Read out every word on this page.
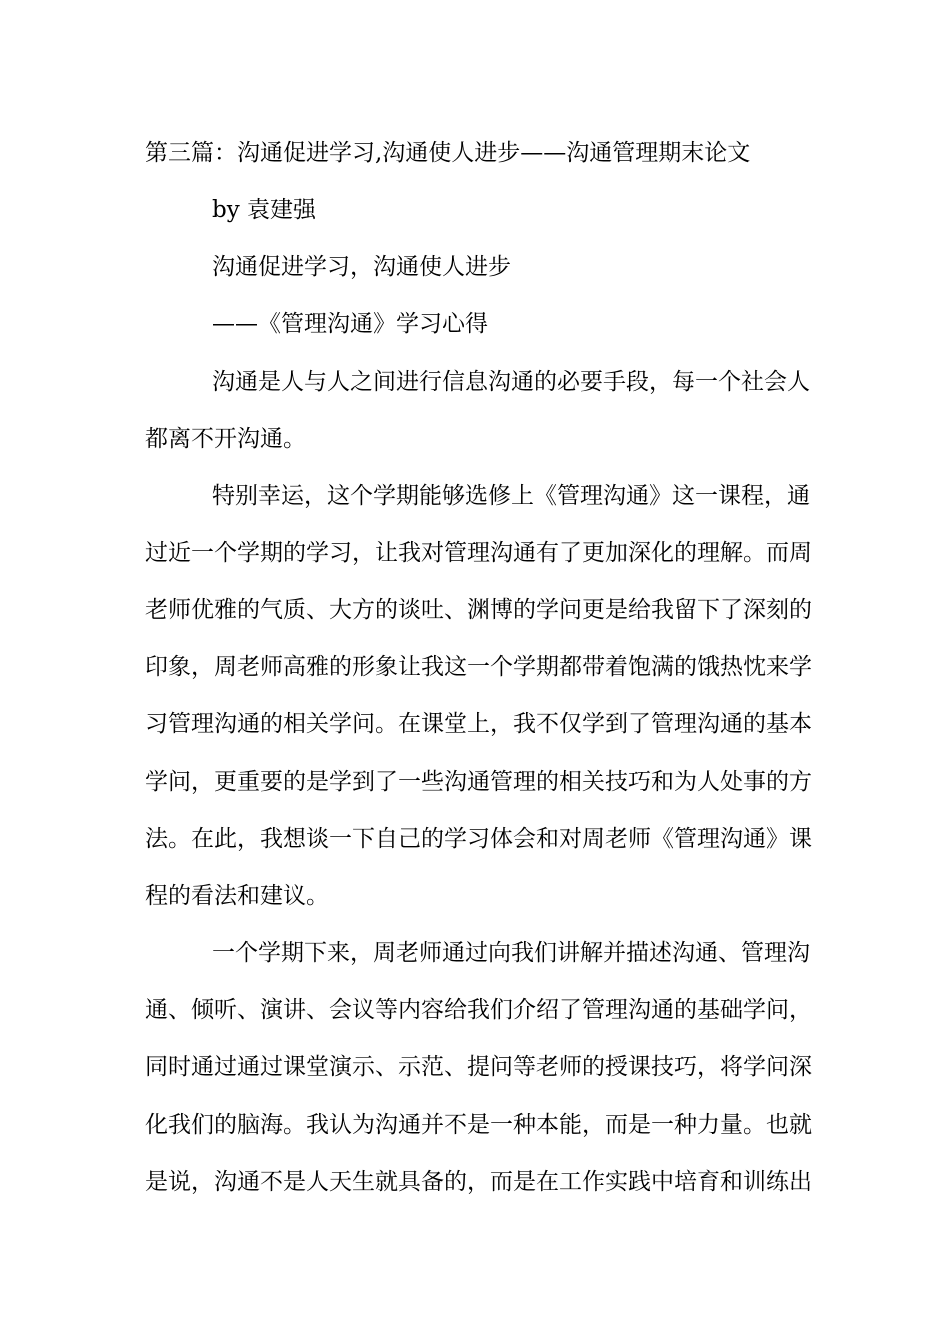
第三篇：沟通促进学习,沟通使人进步——沟通管理期末论文
by 袁建强
沟通促进学习，沟通使人进步
——《管理沟通》学习心得
沟通是人与人之间进行信息沟通的必要手段，每一个社会人
都离不开沟通。
特别幸运，这个学期能够选修上《管理沟通》这一课程，通
过近一个学期的学习，让我对管理沟通有了更加深化的理解。而周
老师优雅的气质、大方的谈吐、渊博的学问更是给我留下了深刻的
印象，周老师高雅的形象让我这一个学期都带着饱满的饿热忱来学
习管理沟通的相关学问。在课堂上，我不仅学到了管理沟通的基本
学问，更重要的是学到了一些沟通管理的相关技巧和为人处事的方
法。在此，我想谈一下自己的学习体会和对周老师《管理沟通》课
程的看法和建议。
一个学期下来，周老师通过向我们讲解并描述沟通、管理沟
通、倾听、演讲、会议等内容给我们介绍了管理沟通的基础学问，
同时通过通过课堂演示、示范、提问等老师的授课技巧，将学问深
化我们的脑海。我认为沟通并不是一种本能，而是一种力量。也就
是说，沟通不是人天生就具备的，而是在工作实践中培育和训练出
